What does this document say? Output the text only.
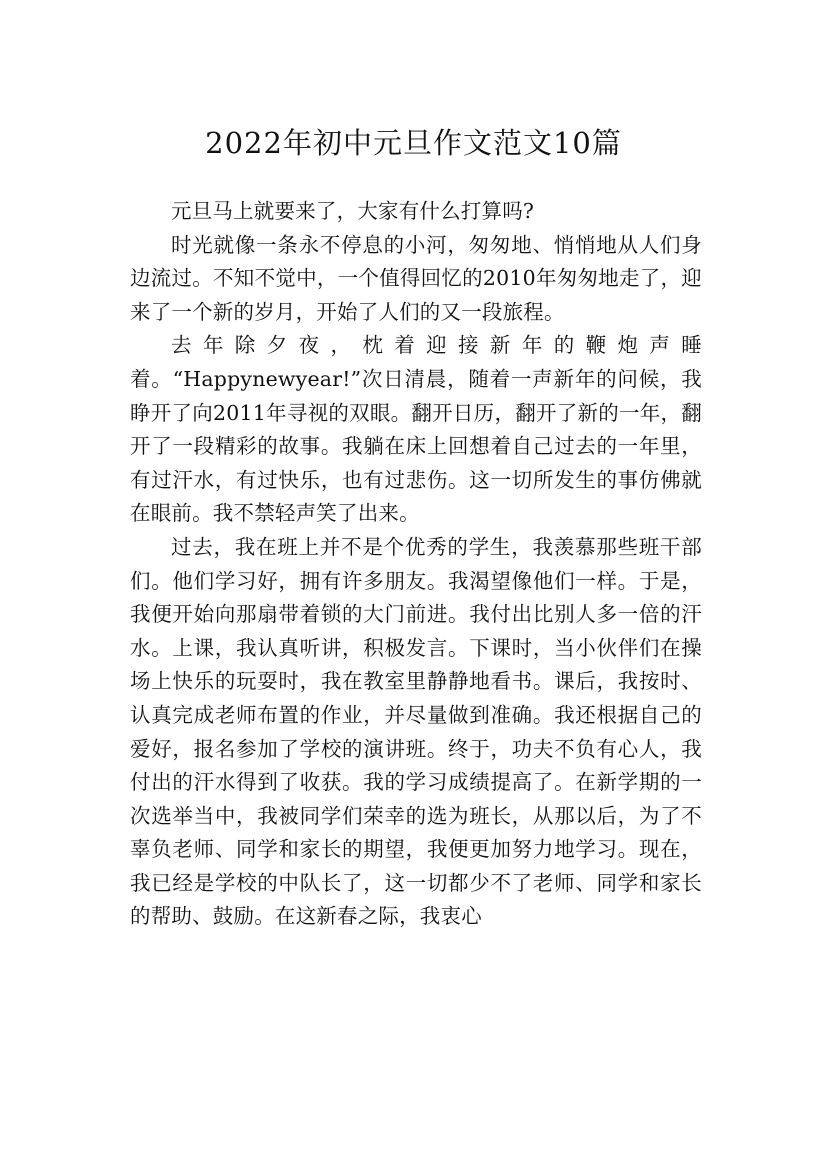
2022年初中元旦作文范文10篇

元旦马上就要来了，大家有什么打算吗?

时光就像一条永不停息的小河，匆匆地、悄悄地从人们身边流过。不知不觉中，一个值得回忆的2010年匆匆地走了，迎来了一个新的岁月，开始了人们的又一段旅程。

去年除夕夜，枕着迎接新年的鞭炮声睡着。“Happynewyear!”次日清晨，随着一声新年的问候，我睁开了向2011年寻视的双眼。翻开日历，翻开了新的一年，翻开了一段精彩的故事。我躺在床上回想着自己过去的一年里，有过汗水，有过快乐，也有过悲伤。这一切所发生的事仿佛就在眼前。我不禁轻声笑了出来。

过去，我在班上并不是个优秀的学生，我羡慕那些班干部们。他们学习好，拥有许多朋友。我渴望像他们一样。于是，我便开始向那扇带着锁的大门前进。我付出比别人多一倍的汗水。上课，我认真听讲，积极发言。下课时，当小伙伴们在操场上快乐的玩耍时，我在教室里静静地看书。课后，我按时、认真完成老师布置的作业，并尽量做到准确。我还根据自己的爱好，报名参加了学校的演讲班。终于，功夫不负有心人，我付出的汗水得到了收获。我的学习成绩提高了。在新学期的一次选举当中，我被同学们荣幸的选为班长，从那以后，为了不辜负老师、同学和家长的期望，我便更加努力地学习。现在，我已经是学校的中队长了，这一切都少不了老师、同学和家长的帮助、鼓励。在这新春之际，我衷心
